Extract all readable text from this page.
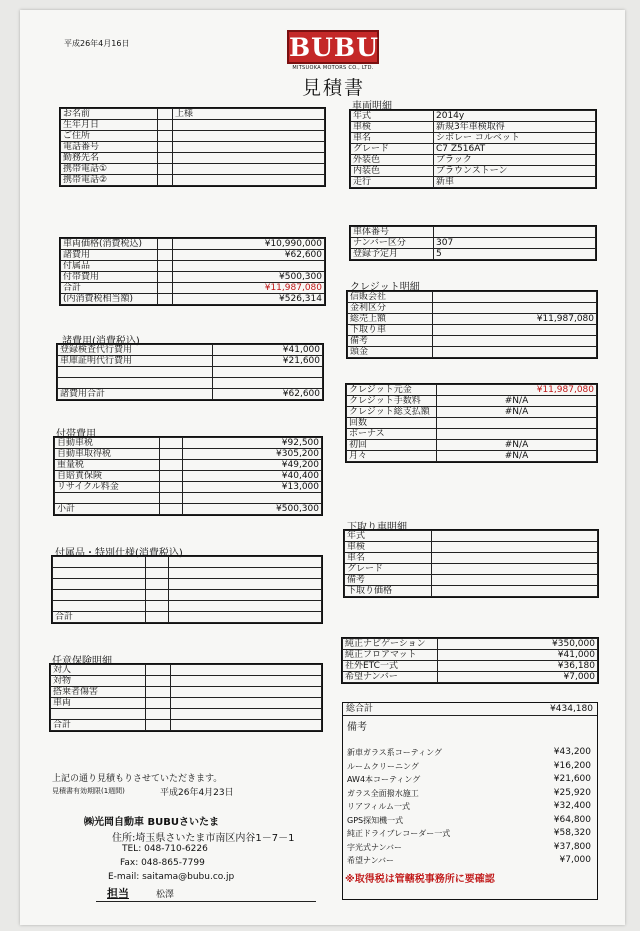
平成26年4月16日	BUBU
MITSUOKA MOTORS CO., LTD.
見積書
お名前		上様
生年月日		
ご住所		
電話番号		
勤務先名		
携帯電話①		
携帯電話②		
車両明細
年式	2014y
車検	新規3年車検取得
車名	シボレー コルベット
グレード	C7 Z516AT
外装色	ブラック
内装色	ブラウンストーン
走行	新車
車体番号	
ナンバー区分	307
登録予定月	5
車両価格(消費税込)		¥10,990,000
諸費用		¥62,600
付属品		
付帯費用		¥500,300
合計		¥11,987,080
(内消費税相当額)		¥526,314
諸費用(消費税込)
登録検査代行費用	¥41,000
車庫証明代行費用	¥21,600

諸費用合計	¥62,600
付帯費用
自動車税		¥92,500
自動車取得税		¥305,200
重量税		¥49,200
自賠責保険		¥40,400
リサイクル料金		¥13,000

小計		¥500,300
付属品・特別仕様(消費税込)

合計		
任意保険明細
対人		
対物		
搭乗者傷害		
車両		

合計		
クレジット明細
信販会社	
金利区分	
総売上額	¥11,987,080
下取り車	
備考	
頭金	
クレジット元金	¥11,987,080
クレジット手数料	#N/A
クレジット総支払額	#N/A
回数	
ボーナス	
初回	#N/A
月々	#N/A
下取り車明細
年式	
車検	
車名	
グレード	
備考	
下取り価格	
純正ナビゲーション	¥350,000
純正フロアマット	¥41,000
社外ETC一式	¥36,180
希望ナンバー	¥7,000
総合計	¥434,180
備考
新車ガラス系コーティング	¥43,200
ルームクリーニング	¥16,200
AW4本コーティング	¥21,600
ガラス全面撥水施工	¥25,920
リアフィルム一式	¥32,400
GPS探知機一式	¥64,800
純正ドライブレコーダー一式	¥58,320
字光式ナンバー	¥37,800
希望ナンバー	¥7,000
※取得税は管轄税事務所に要確認
上記の通り見積もりさせていただきます。
見積書有効期限(1週間)	平成26年4月23日
㈱光岡自動車 BUBUさいたま
住所:埼玉県さいたま市南区内谷1－7－1
TEL: 048-710-6226
Fax: 048-865-7799
E-mail: saitama@bubu.co.jp
担当	松澤
